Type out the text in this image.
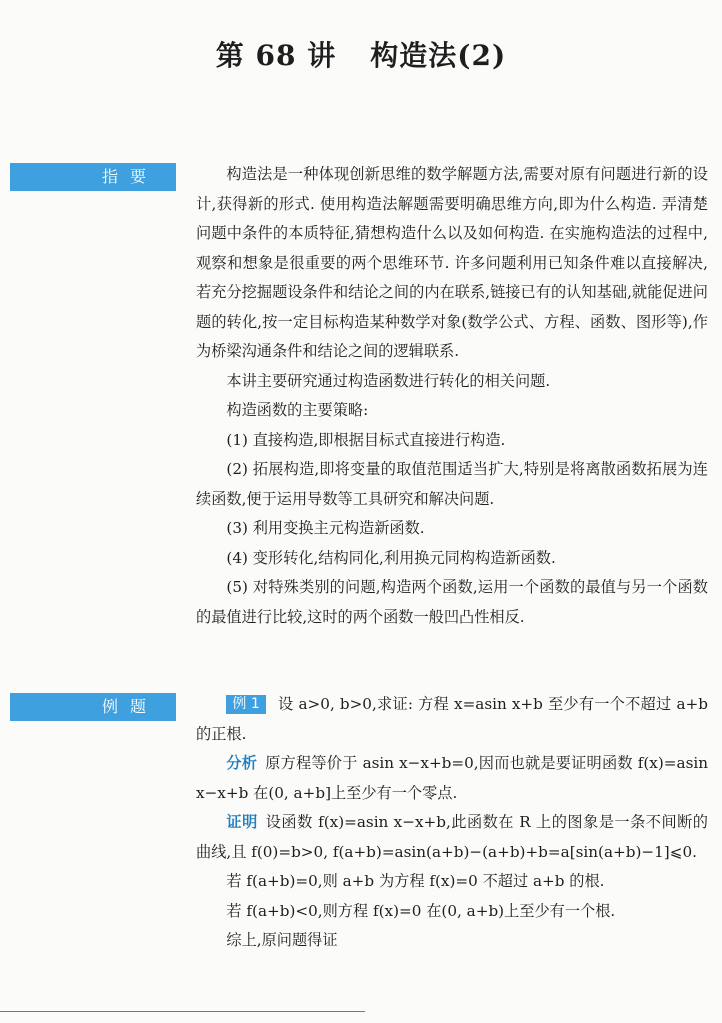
第 68 讲 构造法(2)
指要	构造法是一种体现创新思维的数学解题方法,需要对原有问题进行新的设计,获得新的形式. 使用构造法解题需要明确思维方向,即为什么构造. 弄清楚问题中条件的本质特征,猜想构造什么以及如何构造. 在实施构造法的过程中,观察和想象是很重要的两个思维环节. 许多问题利用已知条件难以直接解决,若充分挖掘题设条件和结论之间的内在联系,链接已有的认知基础,就能促进问题的转化,按一定目标构造某种数学对象(数学公式、方程、函数、图形等),作为桥梁沟通条件和结论之间的逻辑联系.

本讲主要研究通过构造函数进行转化的相关问题.

构造函数的主要策略:

(1) 直接构造,即根据目标式直接进行构造.

(2) 拓展构造,即将变量的取值范围适当扩大,特别是将离散函数拓展为连续函数,便于运用导数等工具研究和解决问题.

(3) 利用变换主元构造新函数.

(4) 变形转化,结构同化,利用换元同构构造新函数.

(5) 对特殊类别的问题,构造两个函数,运用一个函数的最值与另一个函数的最值进行比较,这时的两个函数一般凹凸性相反.

例题	例 1 设 a>0, b>0,求证: 方程 x=asin x+b 至少有一个不超过 a+b 的正根.

分析 原方程等价于 asin x−x+b=0,因而也就是要证明函数 f(x)=asin x−x+b 在(0, a+b]上至少有一个零点.

证明 设函数 f(x)=asin x−x+b,此函数在 R 上的图象是一条不间断的曲线,且 f(0)=b>0, f(a+b)=asin(a+b)−(a+b)+b=a[sin(a+b)−1]⩽0.

若 f(a+b)=0,则 a+b 为方程 f(x)=0 不超过 a+b 的根.

若 f(a+b)<0,则方程 f(x)=0 在(0, a+b)上至少有一个根.

综上,原问题得证
